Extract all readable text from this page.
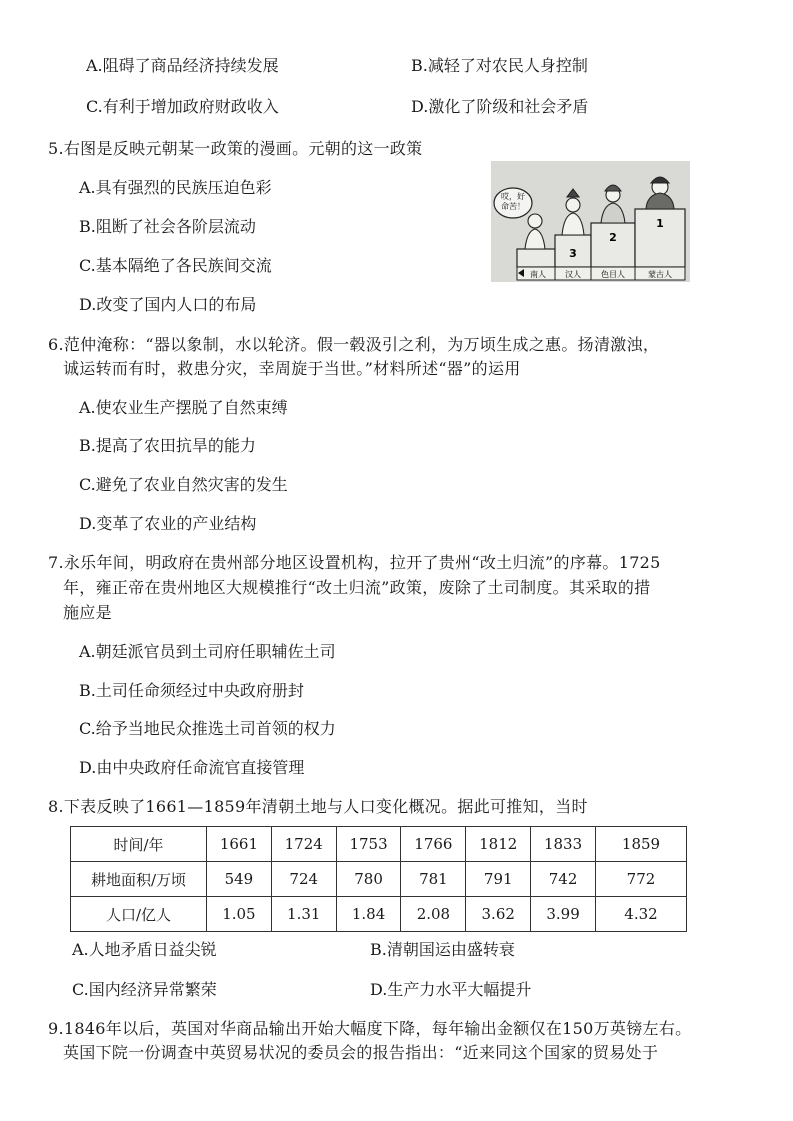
A.阻碍了商品经济持续发展	B.减轻了对农民人身控制
C.有利于增加政府财政收入	D.激化了阶级和社会矛盾
5.右图是反映元朝某一政策的漫画。元朝的这一政策
A.具有强烈的民族压迫色彩
B.阻断了社会各阶层流动
C.基本隔绝了各民族间交流
D.改变了国内人口的布局
哎，好
命苦！
3
2
1
南人 汉人	色目人	蒙古人
6.范仲淹称：“器以象制，水以轮济。假一毂汲引之利，为万顷生成之惠。扬清激浊，
诚运转而有时，救患分灾，幸周旋于当世。”材料所述“器”的运用
A.使农业生产摆脱了自然束缚
B.提高了农田抗旱的能力
C.避免了农业自然灾害的发生
D.变革了农业的产业结构
7.永乐年间，明政府在贵州部分地区设置机构，拉开了贵州“改土归流”的序幕。1725
年，雍正帝在贵州地区大规模推行“改土归流”政策，废除了土司制度。其采取的措
施应是
A.朝廷派官员到土司府任职辅佐土司
B.土司任命须经过中央政府册封
C.给予当地民众推选土司首领的权力
D.由中央政府任命流官直接管理
8.下表反映了1661—1859年清朝土地与人口变化概况。据此可推知，当时
时间/年	1661	1724	1753	1766	1812	1833	1859
耕地面积/万顷	549	724	780	781	791	742	772
人口/亿人	1.05	1.31	1.84	2.08	3.62	3.99	4.32
A.人地矛盾日益尖锐	B.清朝国运由盛转衰
C.国内经济异常繁荣	D.生产力水平大幅提升
9.1846年以后，英国对华商品输出开始大幅度下降，每年输出金额仅在150万英镑左右。
英国下院一份调查中英贸易状况的委员会的报告指出：“近来同这个国家的贸易处于
